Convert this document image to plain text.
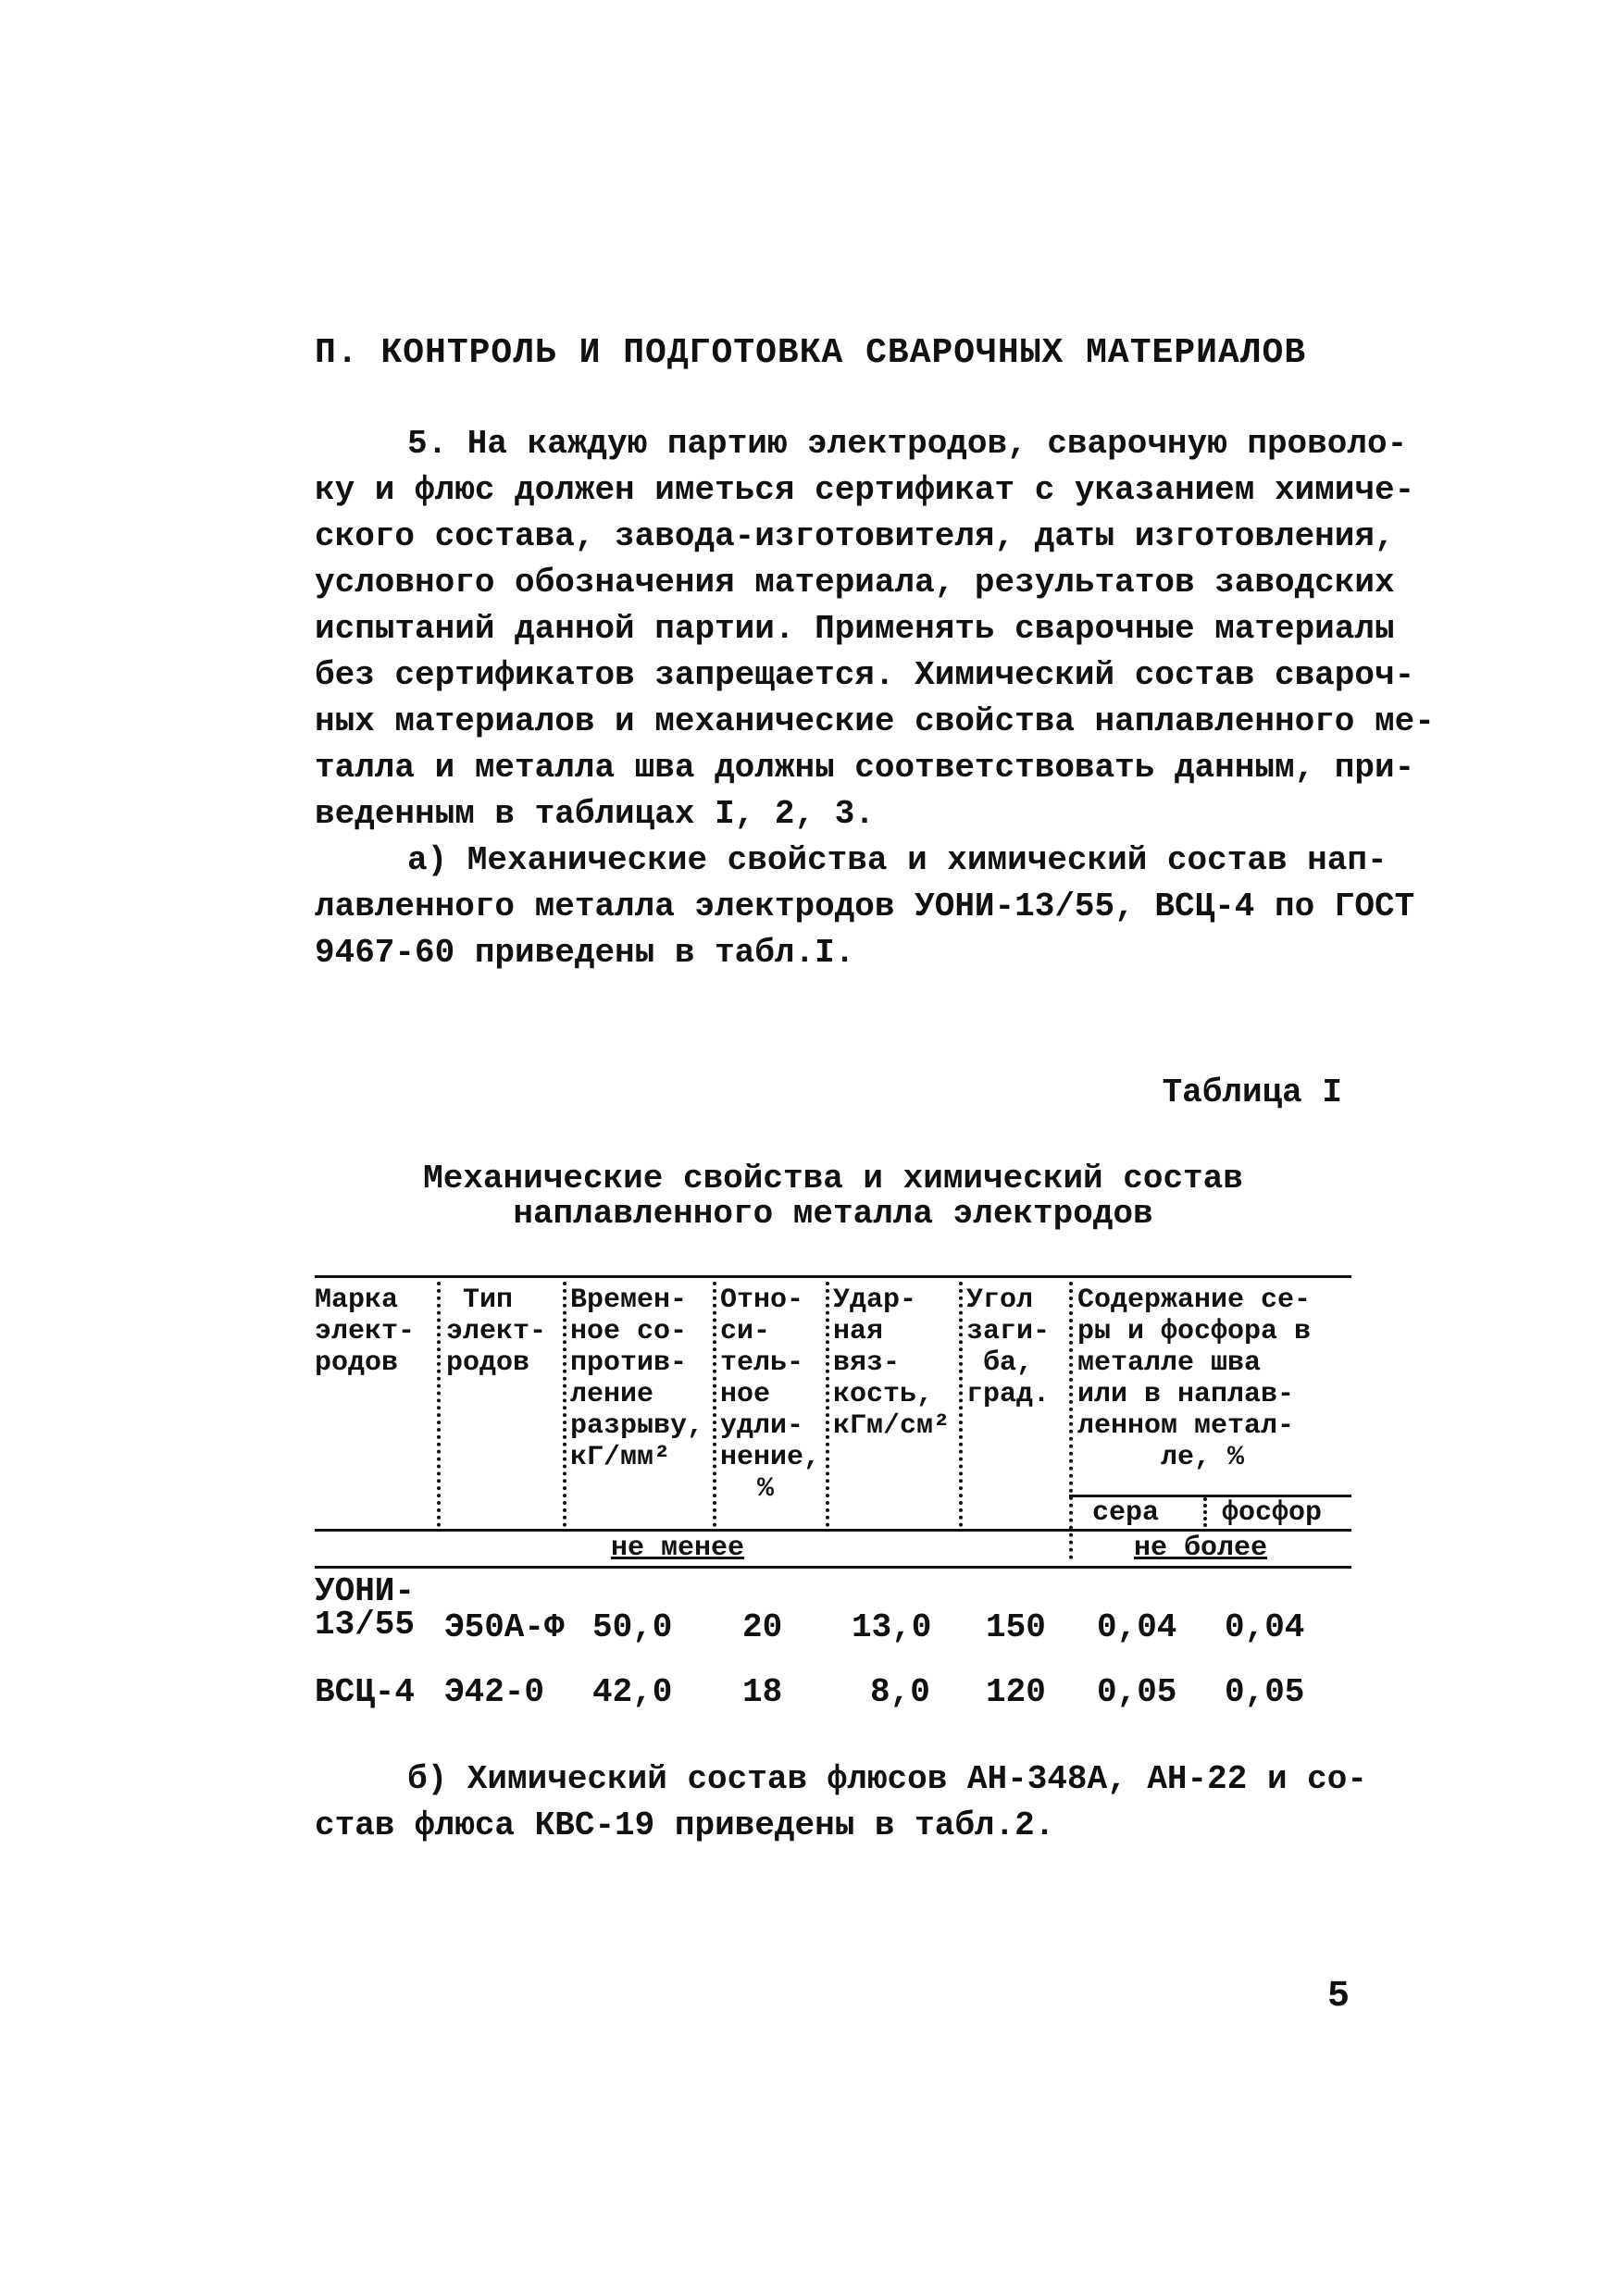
П. КОНТРОЛЬ И ПОДГОТОВКА СВАРОЧНЫХ МАТЕРИАЛОВ
5. На каждую партию электродов, сварочную проволо-
ку и флюс должен иметься сертификат с указанием химиче-
ского состава, завода-изготовителя, даты изготовления,
условного обозначения материала, результатов заводских
испытаний данной партии. Применять сварочные материалы
без сертификатов запрещается. Химический состав свароч-
ных материалов и механические свойства наплавленного ме-
талла и металла шва должны соответствовать данным, при-
веденным в таблицах I, 2, 3.
а) Механические свойства и химический состав нап-
лавленного металла электродов УОНИ-13/55, ВСЦ-4 по ГОСТ
9467-60 приведены в табл.I.
Таблица I
Механические свойства и химический состав
наплавленного металла электродов
Марка
элект-
родов
Тип
элект-
родов
Времен-
ное со-
против-
ление
разрыву,
кГ/мм²
Отно-
си-
тель-
ное
удли-
нение,
%
Удар-
ная
вяз-
кость,
кГм/см²
Угол
заги-
ба,
град.
Содержание се-
ры и фосфора в
металле шва
или в наплав-
ленном метал-
ле, %
сера фосфор
не менее	не более
УОНИ-
13/55 Э50А-Ф 50,0 20 13,0 150 0,04 0,04
ВСЦ-4 Э42-0 42,0 18	8,0 120 0,05 0,05
б) Химический состав флюсов АН-348А, АН-22 и со-
став флюса КВС-19 приведены в табл.2.
5
